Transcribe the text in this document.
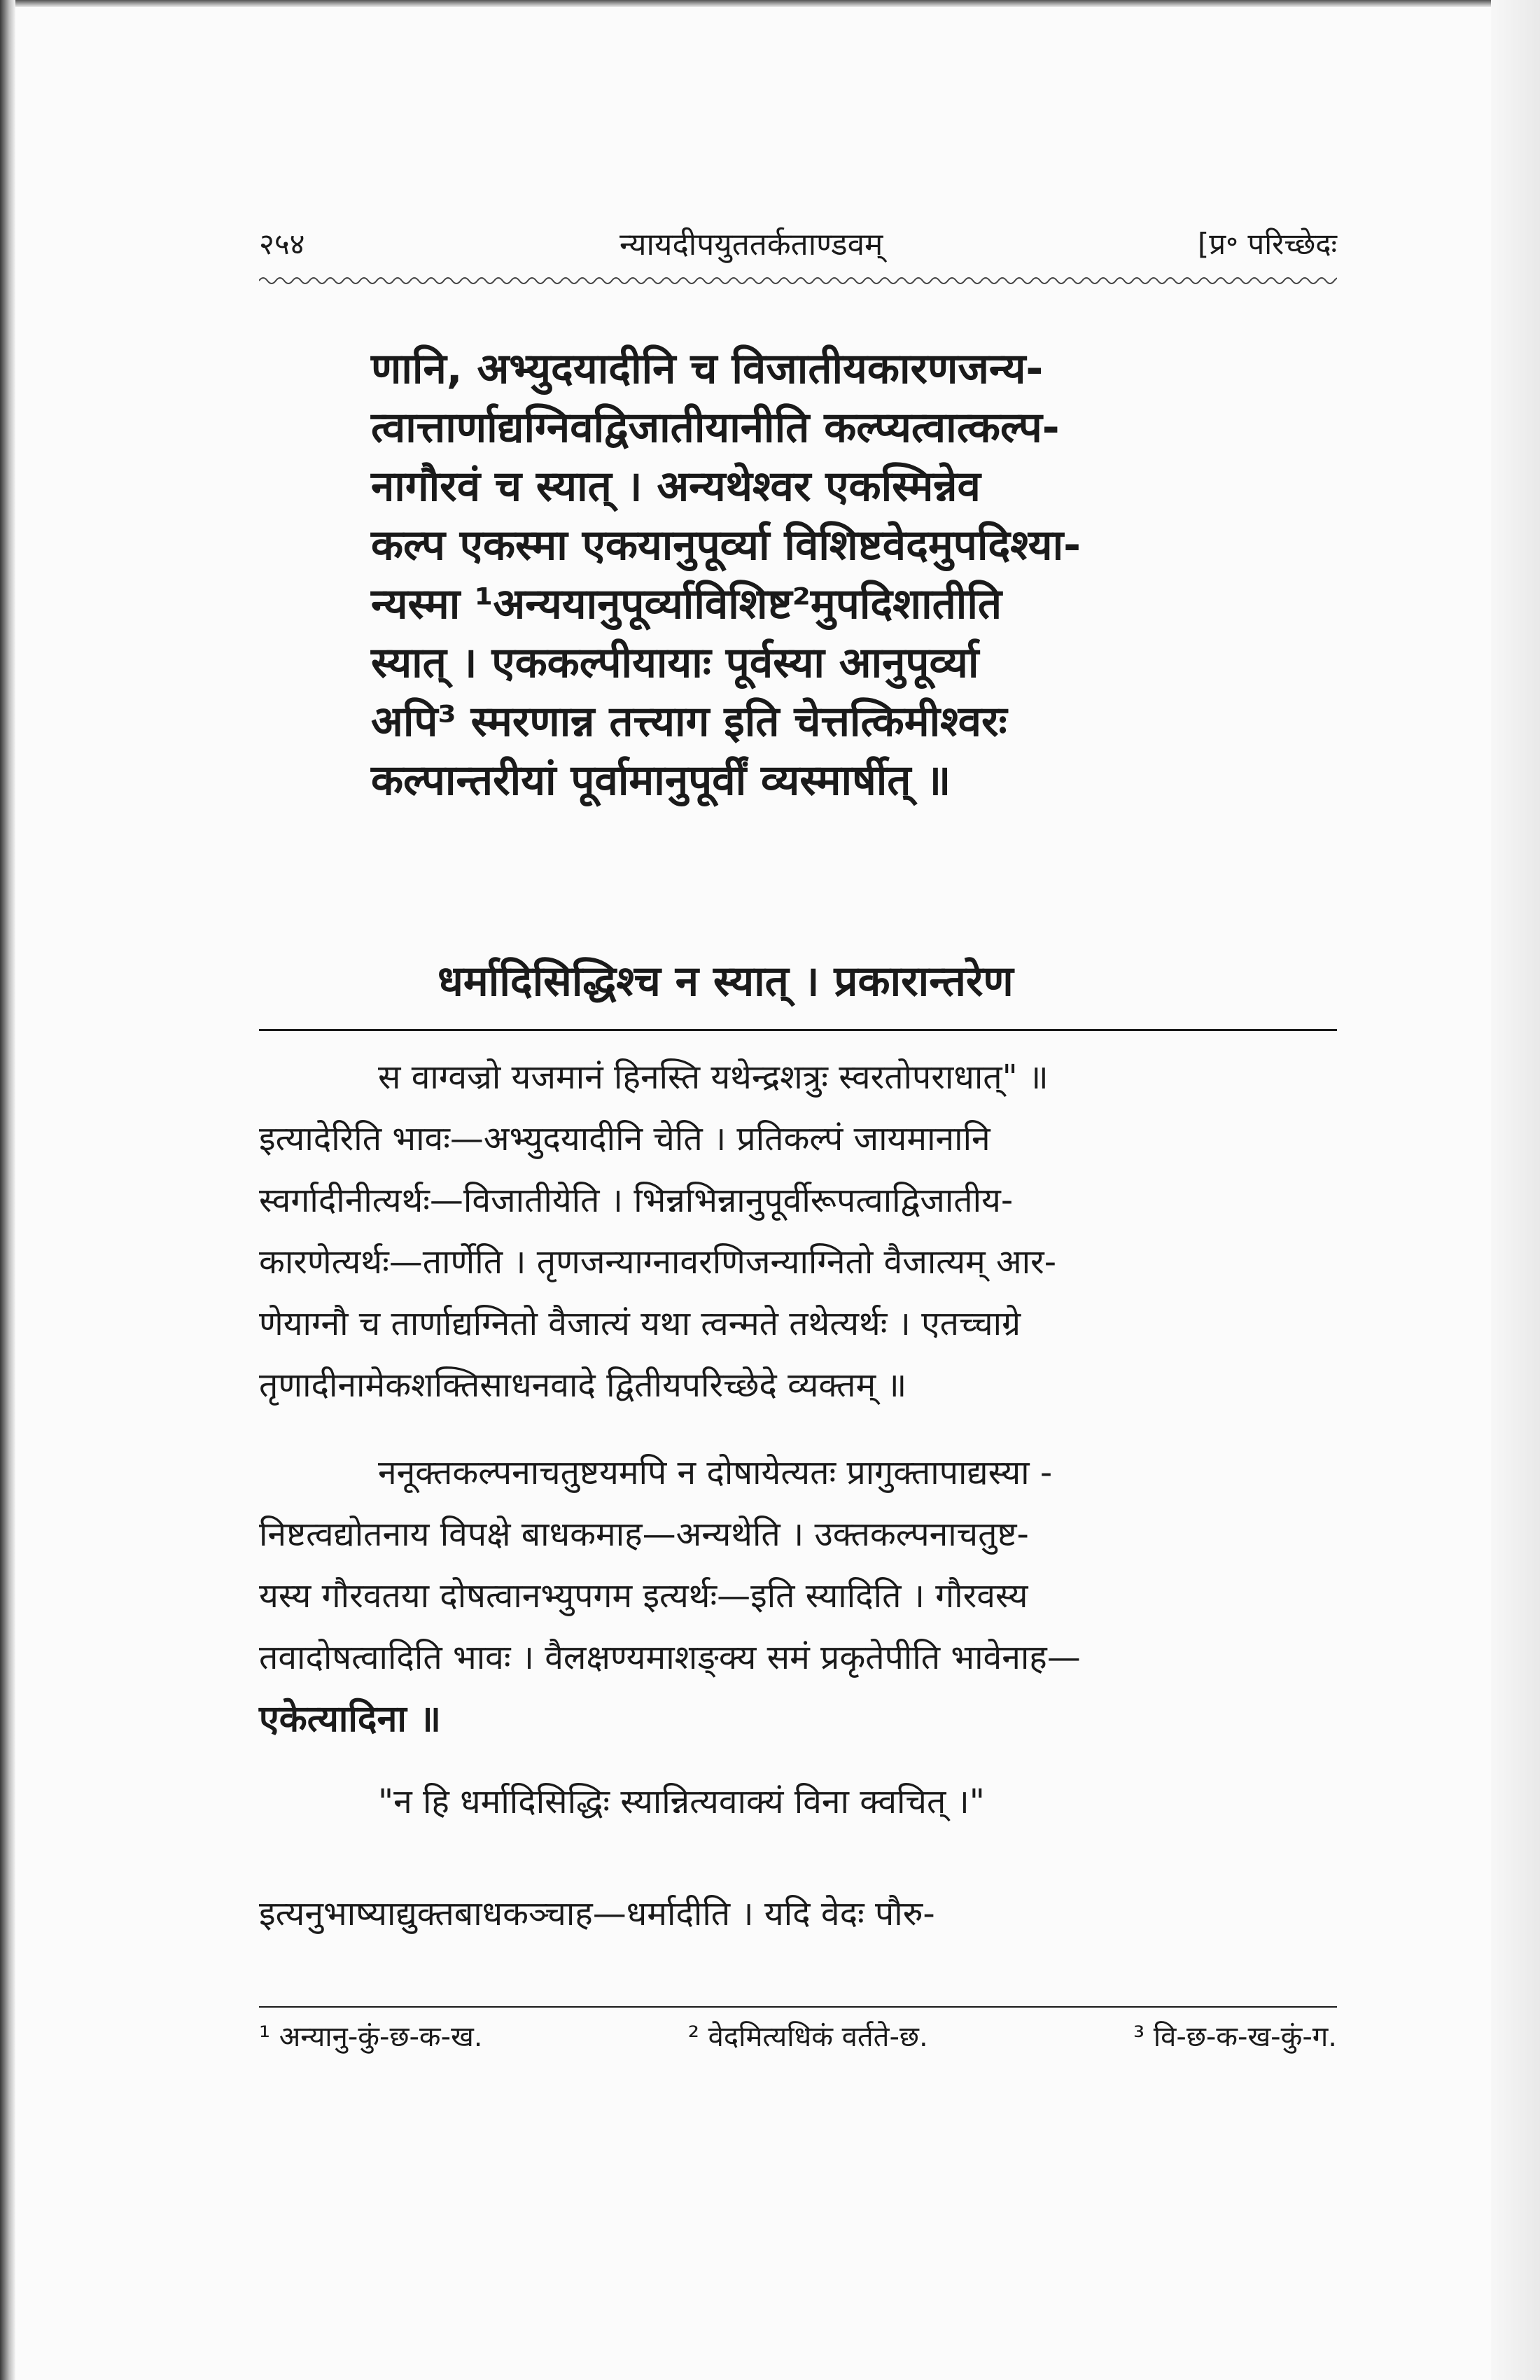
२५४	न्यायदीपयुततर्कताण्डवम्	[प्र॰ परिच्छेदः
णानि, अभ्युदयादीनि च विजातीयकारणजन्य-
त्वात्तार्णाद्यग्निवद्विजातीयानीति कल्प्यत्वात्कल्प-
नागौरवं च स्यात् । अन्यथेश्वर एकस्मिन्नेव
कल्प एकस्मा एकयानुपूर्व्या विशिष्टवेदमुपदिश्या-
न्यस्मा ¹अन्ययानुपूर्व्याविशिष्ट²मुपदिशातीति
स्यात् । एककल्पीयायाः पूर्वस्या आनुपूर्व्या
अपि³ स्मरणान्न तत्त्याग इति चेत्तत्किमीश्वरः
कल्पान्तरीयां पूर्वामानुपूर्वीं व्यस्मार्षीत् ॥
धर्मादिसिद्धिश्च न स्यात् । प्रकारान्तरेण
स वाग्वज्रो यजमानं हिनस्ति यथेन्द्रशत्रुः स्वरतोपराधात्" ॥
इत्यादेरिति भावः—अभ्युदयादीनि चेति । प्रतिकल्पं जायमानानि
स्वर्गादीनीत्यर्थः—विजातीयेति । भिन्नभिन्नानुपूर्वीरूपत्वाद्विजातीय-
कारणेत्यर्थः—तार्णेति । तृणजन्याग्नावरणिजन्याग्नितो वैजात्यम् आर-
णेयाग्नौ च तार्णाद्यग्नितो वैजात्यं यथा त्वन्मते तथेत्यर्थः । एतच्चाग्रे
तृणादीनामेकशक्तिसाधनवादे द्वितीयपरिच्छेदे व्यक्तम् ॥
ननूक्तकल्पनाचतुष्टयमपि न दोषायेत्यतः प्रागुक्तापाद्यस्या -
निष्टत्वद्योतनाय विपक्षे बाधकमाह—अन्यथेति । उक्तकल्पनाचतुष्ट-
यस्य गौरवतया दोषत्वानभ्युपगम इत्यर्थः—इति स्यादिति । गौरवस्य
तवादोषत्वादिति भावः । वैलक्षण्यमाशङ्क्य समं प्रकृतेपीति भावेनाह—
एकेत्यादिना ॥
"न हि धर्मादिसिद्धिः स्यान्नित्यवाक्यं विना क्वचित् ।"
इत्यनुभाष्याद्युक्तबाधकञ्चाह—धर्मादीति । यदि वेदः पौरु-
¹ अन्यानु-कुं-छ-क-ख.	² वेदमित्यधिकं वर्तते-छ.	³ वि-छ-क-ख-कुं-ग.
